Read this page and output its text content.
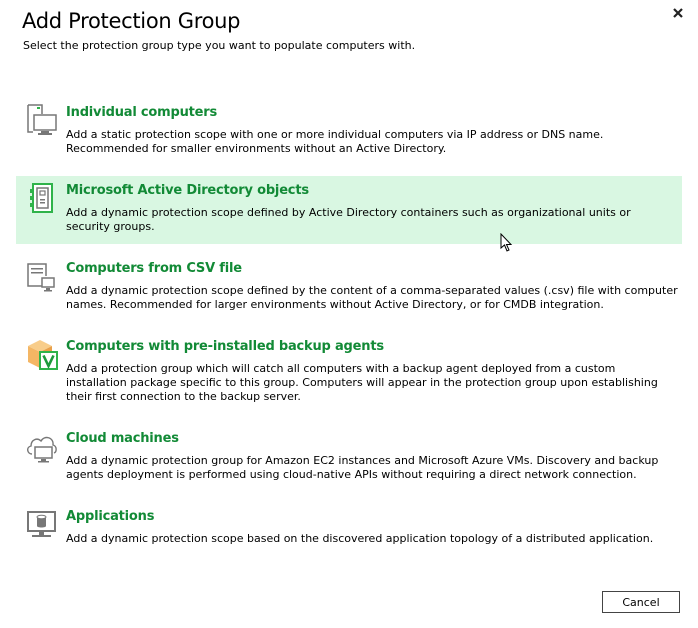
Add Protection Group
Select the protection group type you want to populate computers with.
Individual computers
Add a static protection scope with one or more individual computers via IP address or DNS name. Recommended for smaller environments without an Active Directory.
Microsoft Active Directory objects
Add a dynamic protection scope defined by Active Directory containers such as organizational units or security groups.
Computers from CSV file
Add a dynamic protection scope defined by the content of a comma-separated values (.csv) file with computer names. Recommended for larger environments without Active Directory, or for CMDB integration.
Computers with pre-installed backup agents
Add a protection group which will catch all computers with a backup agent deployed from a custom installation package specific to this group. Computers will appear in the protection group upon establishing their first connection to the backup server.
Cloud machines
Add a dynamic protection group for Amazon EC2 instances and Microsoft Azure VMs. Discovery and backup agents deployment is performed using cloud-native APIs without requiring a direct network connection.
Applications
Add a dynamic protection scope based on the discovered application topology of a distributed application.
Cancel
